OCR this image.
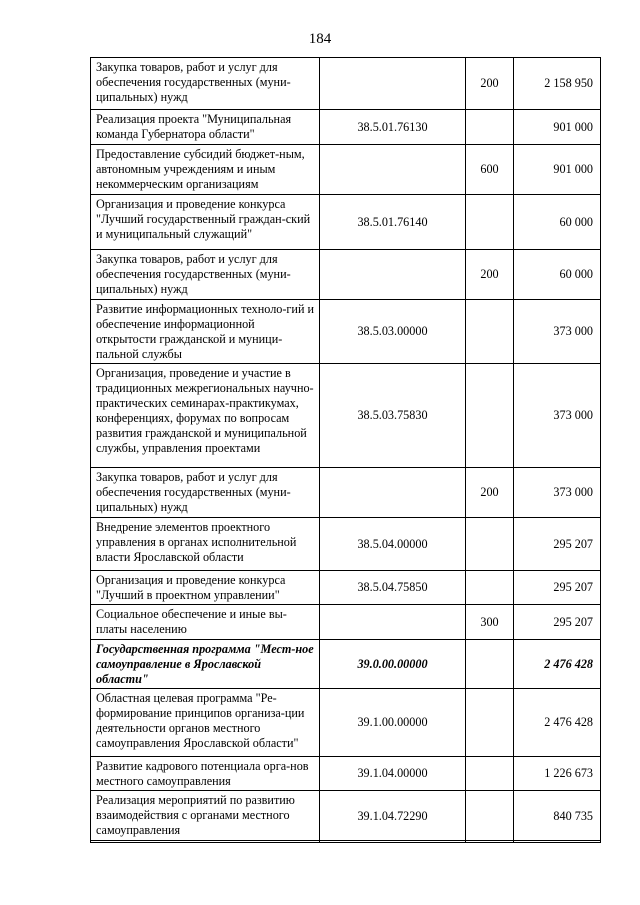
184
Закупка товаров, работ и услуг для обеспечения государственных (муни-ципальных) нужд		200	2 158 950
Реализация проекта "Муниципальная команда Губернатора области"	38.5.01.76130		901 000
Предоставление субсидий бюджет-ным, автономным учреждениям и иным некоммерческим организациям		600	901 000
Организация и проведение конкурса "Лучший государственный граждан-ский и муниципальный служащий"	38.5.01.76140		60 000
Закупка товаров, работ и услуг для обеспечения государственных (муни-ципальных) нужд		200	60 000
Развитие информационных техноло-гий и обеспечение информационной открытости гражданской и муници-пальной службы	38.5.03.00000		373 000
Организация, проведение и участие в традиционных межрегиональных научно-практических семинарах-практикумах, конференциях, форумах по вопросам развития гражданской и муниципальной службы, управления проектами	38.5.03.75830		373 000
Закупка товаров, работ и услуг для обеспечения государственных (муни-ципальных) нужд		200	373 000
Внедрение элементов проектного управления в органах исполнительной власти Ярославской области	38.5.04.00000		295 207
Организация и проведение конкурса "Лучший в проектном управлении"	38.5.04.75850		295 207
Социальное обеспечение и иные вы-платы населению		300	295 207
Государственная программа "Мест-ное самоуправление в Ярославской области"	39.0.00.00000		2 476 428
Областная целевая программа "Ре-формирование принципов организа-ции деятельности органов местного самоуправления Ярославской области"	39.1.00.00000		2 476 428
Развитие кадрового потенциала орга-нов местного самоуправления	39.1.04.00000		1 226 673
Реализация мероприятий по развитию взаимодействия с органами местного самоуправления	39.1.04.72290		840 735
